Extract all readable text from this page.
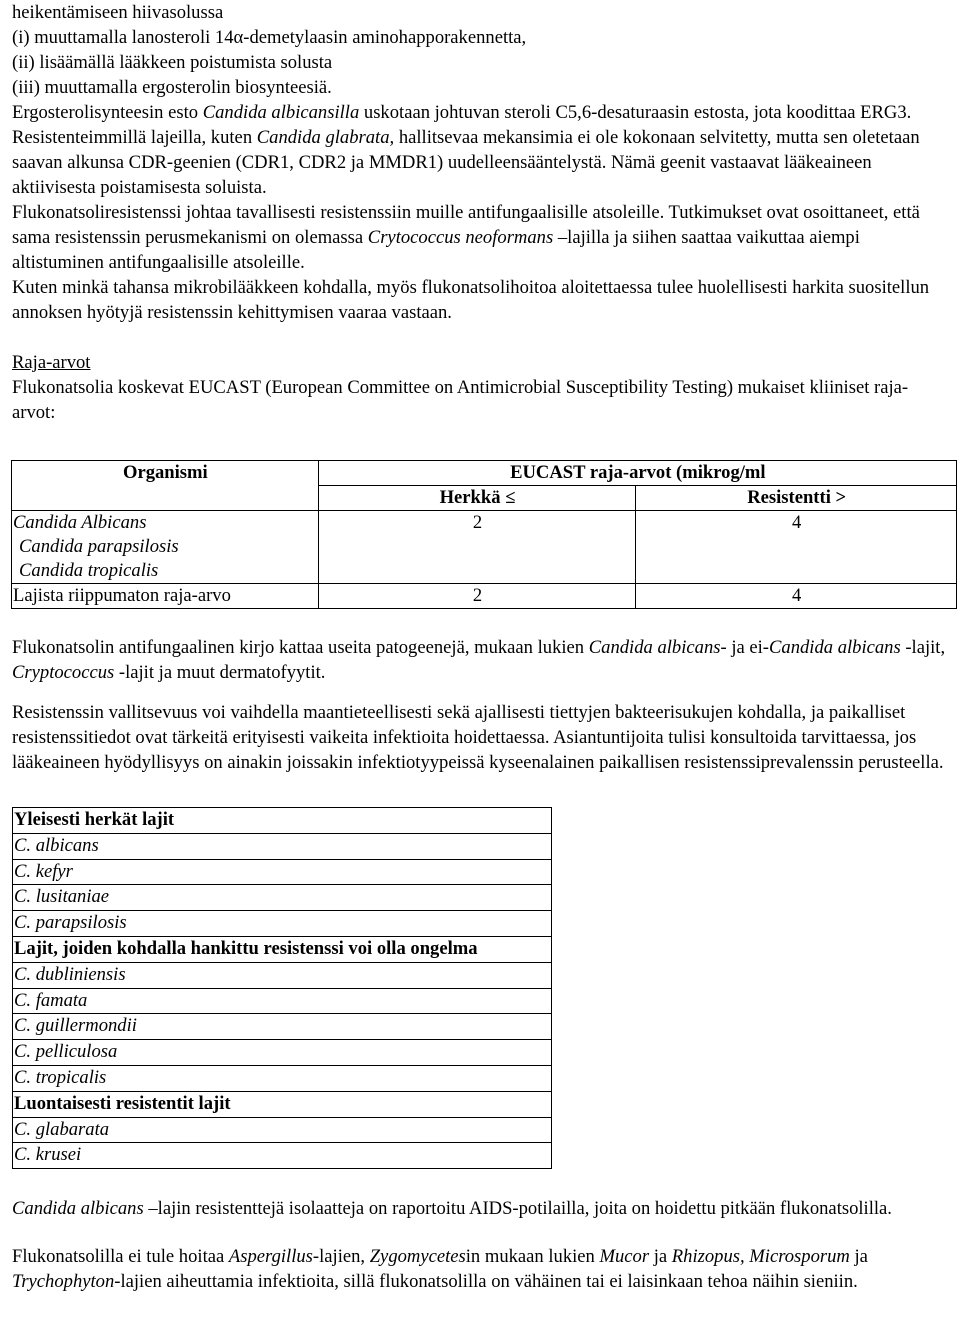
heikentämiseen hiivasolussa

(i) muuttamalla lanosteroli 14α-demetylaasin aminohapporakennetta,

(ii) lisäämällä lääkkeen poistumista solusta

(iii) muuttamalla ergosterolin biosynteesiä.

Ergosterolisynteesin esto Candida albicansilla uskotaan johtuvan steroli C5,6-desaturaasin estosta, jota koodittaa ERG3. Resistenteimmillä lajeilla, kuten Candida glabrata, hallitsevaa mekansimia ei ole kokonaan selvitetty, mutta sen oletetaan saavan alkunsa CDR-geenien (CDR1, CDR2 ja MMDR1) uudelleensääntelystä. Nämä geenit vastaavat lääkeaineen aktiivisesta poistamisesta soluista.

Flukonatsoliresistenssi johtaa tavallisesti resistenssiin muille antifungaalisille atsoleille. Tutkimukset ovat osoittaneet, että sama resistenssin perusmekanismi on olemassa Crytococcus neoformans –lajilla ja siihen saattaa vaikuttaa aiempi altistuminen antifungaalisille atsoleille.

Kuten minkä tahansa mikrobilääkkeen kohdalla, myös flukonatsolihoitoa aloitettaessa tulee huolellisesti harkita suositellun annoksen hyötyjä resistenssin kehittymisen vaaraa vastaan.

Raja-arvot

Flukonatsolia koskevat EUCAST (European Committee on Antimicrobial Susceptibility Testing) mukaiset kliiniset raja-arvot:

Organismi	EUCAST raja-arvot (mikrog/ml	
	Herkkä ≤	Resistentti >

Candida Albicans
Candida parapsilosis
Candida tropicalis	2	4
Lajista riippumaton raja-arvo	2	4

Flukonatsolin antifungaalinen kirjo kattaa useita patogeenejä, mukaan lukien Candida albicans- ja ei-Candida albicans -lajit, Cryptococcus -lajit ja muut dermatofyytit.

Resistenssin vallitsevuus voi vaihdella maantieteellisesti sekä ajallisesti tiettyjen bakteerisukujen kohdalla, ja paikalliset resistenssitiedot ovat tärkeitä erityisesti vaikeita infektioita hoidettaessa. Asiantuntijoita tulisi konsultoida tarvittaessa, jos lääkeaineen hyödyllisyys on ainakin joissakin infektiotyypeissä kyseenalainen paikallisen resistenssiprevalenssin perusteella.

Yleisesti herkät lajit
C. albicans
C. kefyr
C. lusitaniae
C. parapsilosis
Lajit, joiden kohdalla hankittu resistenssi voi olla ongelma
C. dubliniensis
C. famata
C. guillermondii
C. pelliculosa
C. tropicalis
Luontaisesti resistentit lajit
C. glabarata
C. krusei

Candida albicans –lajin resistenttejä isolaatteja on raportoitu AIDS-potilailla, joita on hoidettu pitkään flukonatsolilla.

Flukonatsolilla ei tule hoitaa Aspergillus-lajien, Zygomycetesin mukaan lukien Mucor ja Rhizopus, Microsporum ja Trychophyton-lajien aiheuttamia infektioita, sillä flukonatsolilla on vähäinen tai ei laisinkaan tehoa näihin sieniin.
